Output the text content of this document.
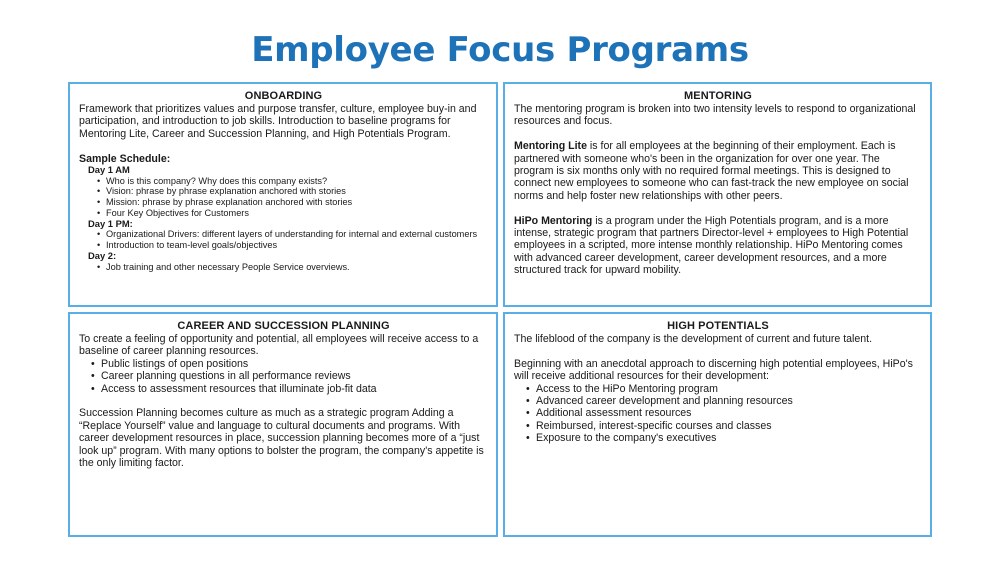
Employee Focus Programs
ONBOARDING
Framework that prioritizes values and purpose transfer, culture, employee buy-in and participation, and introduction to job skills. Introduction to baseline programs for Mentoring Lite, Career and Succession Planning, and High Potentials Program.
Sample Schedule:
Day 1 AM
• Who is this company? Why does this company exists?
• Vision: phrase by phrase explanation anchored with stories
• Mission: phrase by phrase explanation anchored with stories
• Four Key Objectives for Customers
Day 1 PM:
• Organizational Drivers: different layers of understanding for internal and external customers
• Introduction to team-level goals/objectives
Day 2:
• Job training and other necessary People Service overviews.
MENTORING
The mentoring program is broken into two intensity levels to respond to organizational resources and focus.
Mentoring Lite is for all employees at the beginning of their employment. Each is partnered with someone who's been in the organization for over one year. The program is six months only with no required formal meetings. This is designed to connect new employees to someone who can fast-track the new employee on social norms and help foster new relationships with other peers.
HiPo Mentoring is a program under the High Potentials program, and is a more intense, strategic program that partners Director-level + employees to High Potential employees in a scripted, more intense monthly relationship. HiPo Mentoring comes with advanced career development, career development resources, and a more structured track for upward mobility.
CAREER AND SUCCESSION PLANNING
To create a feeling of opportunity and potential, all employees will receive access to a baseline of career planning resources.
• Public listings of open positions
• Career planning questions in all performance reviews
• Access to assessment resources that illuminate job-fit data
Succession Planning becomes culture as much as a strategic program Adding a “Replace Yourself” value and language to cultural documents and programs. With career development resources in place, succession planning becomes more of a “just look up” program. With many options to bolster the program, the company's appetite is the only limiting factor.
HIGH POTENTIALS
The lifeblood of the company is the development of current and future talent.
Beginning with an anecdotal approach to discerning high potential employees, HiPo's will receive additional resources for their development:
• Access to the HiPo Mentoring program
• Advanced career development and planning resources
• Additional assessment resources
• Reimbursed, interest-specific courses and classes
• Exposure to the company's executives
